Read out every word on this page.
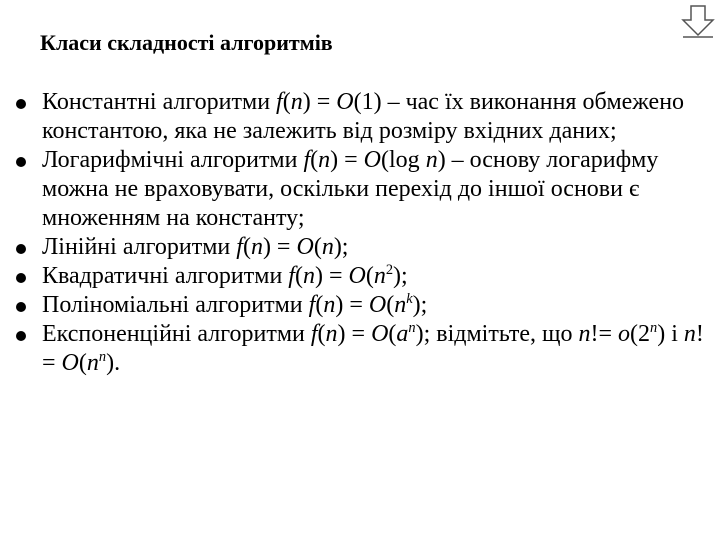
Класи складності алгоритмів
Константні алгоритми f(n) = O(1) – час їх виконання обмежено константою, яка не залежить від розміру вхідних даних;
Логарифмічні алгоритми f(n) = O(log n) – основу логарифму можна не враховувати, оскільки перехід до іншої основи є множенням на константу;
Лінійні алгоритми f(n) = O(n);
Квадратичні алгоритми $f(n) = O(n^2)$;
Поліноміальні алгоритми $f(n) = O(n^k)$;
Експоненційні алгоритми $f(n) = O(a^n)$; відмітьте, що $n!= o(2^n)$ і n! = $O(n^n)$.
